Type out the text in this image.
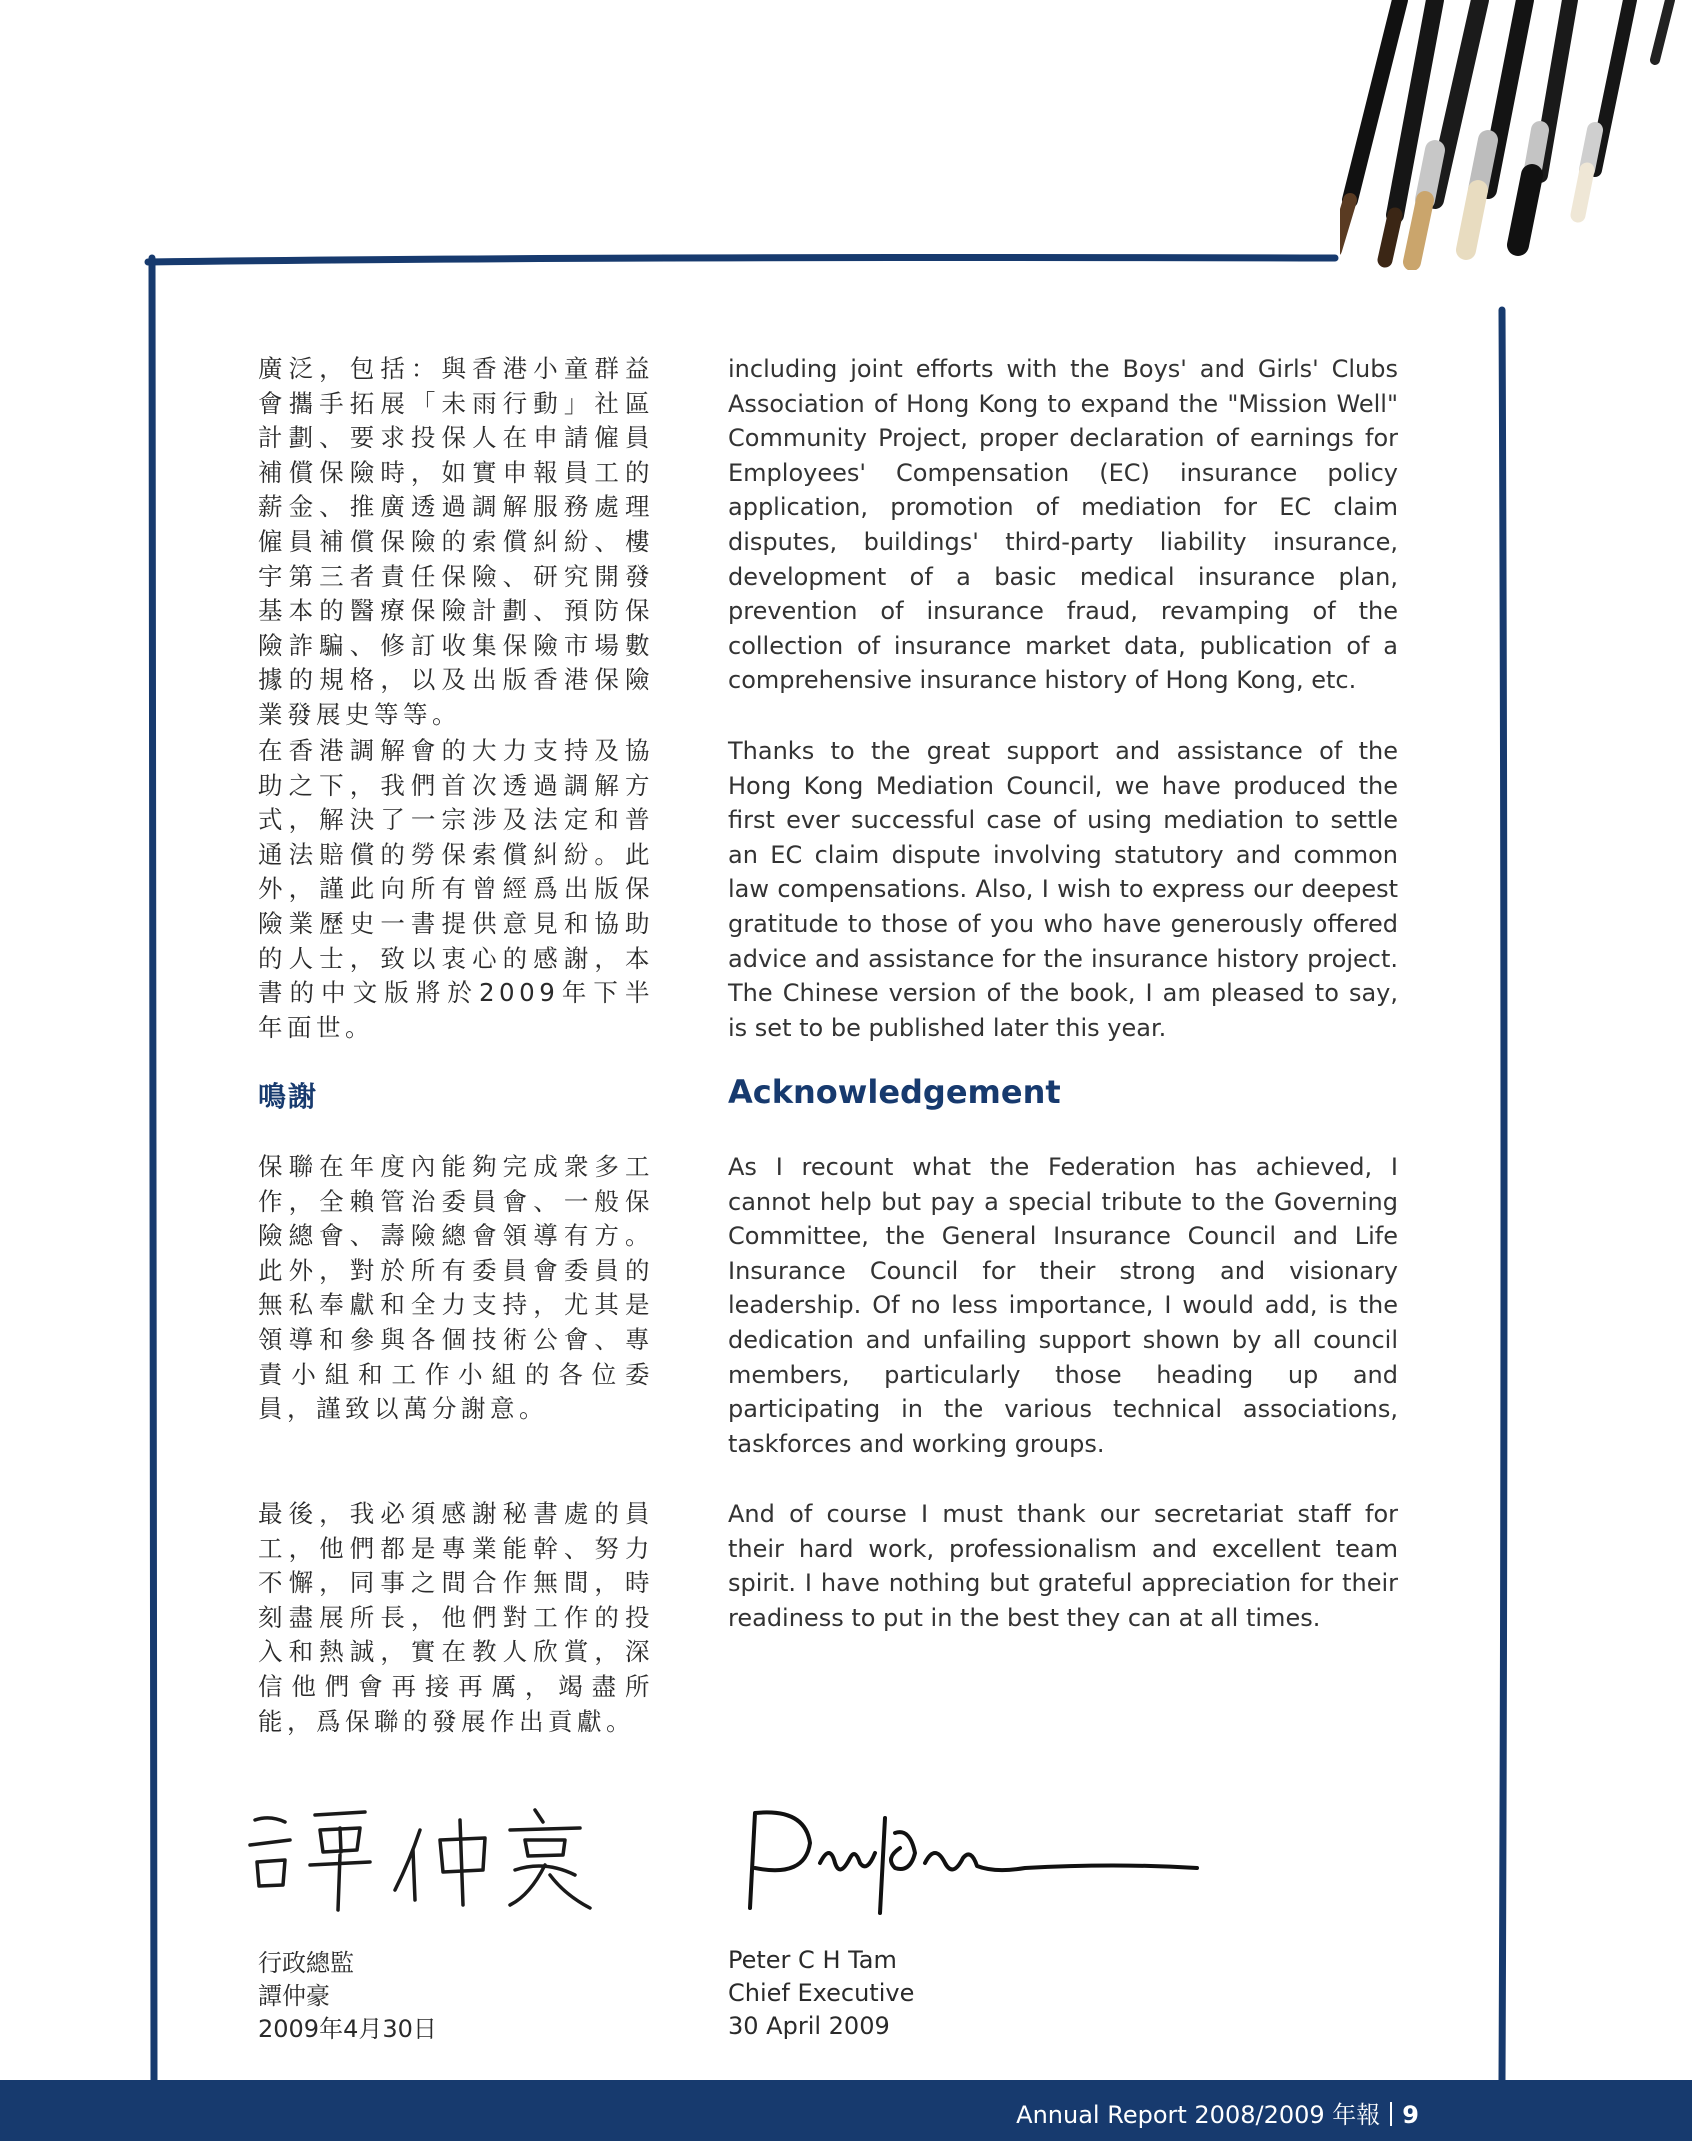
廣泛，包括：與香港小童群益會攜手拓展「未雨行動」社區計劃、要求投保人在申請僱員補償保險時，如實申報員工的薪金、推廣透過調解服務處理僱員補償保險的索償糾紛、樓宇第三者責任保險、研究開發基本的醫療保險計劃、預防保險詐騙、修訂收集保險市場數據的規格，以及出版香港保險業發展史等等。

在香港調解會的大力支持及協助之下，我們首次透過調解方式，解決了一宗涉及法定和普通法賠償的勞保索償糾紛。此外，謹此向所有曾經爲出版保險業歷史一書提供意見和協助的人士，致以衷心的感謝，本書的中文版將於2009年下半年面世。

鳴謝

保聯在年度內能夠完成衆多工作，全賴管治委員會、一般保險總會、壽險總會領導有方。此外，對於所有委員會委員的無私奉獻和全力支持，尤其是領導和參與各個技術公會、專責小組和工作小組的各位委員，謹致以萬分謝意。

最後，我必須感謝秘書處的員工，他們都是專業能幹、努力不懈，同事之間合作無間，時刻盡展所長，他們對工作的投入和熱誠，實在教人欣賞，深信他們會再接再厲，竭盡所能，爲保聯的發展作出貢獻。

including joint efforts with the Boys' and Girls' Clubs Association of Hong Kong to expand the "Mission Well" Community Project, proper declaration of earnings for Employees' Compensation (EC) insurance policy application, promotion of mediation for EC claim disputes, buildings' third-party liability insurance, development of a basic medical insurance plan, prevention of insurance fraud, revamping of the collection of insurance market data, publication of a comprehensive insurance history of Hong Kong, etc.

Thanks to the great support and assistance of the Hong Kong Mediation Council, we have produced the first ever successful case of using mediation to settle an EC claim dispute involving statutory and common law compensations. Also, I wish to express our deepest gratitude to those of you who have generously offered advice and assistance for the insurance history project. The Chinese version of the book, I am pleased to say, is set to be published later this year.

Acknowledgement

As I recount what the Federation has achieved, I cannot help but pay a special tribute to the Governing Committee, the General Insurance Council and Life Insurance Council for their strong and visionary leadership. Of no less importance, I would add, is the dedication and unfailing support shown by all council members, particularly those heading up and participating in the various technical associations, taskforces and working groups.

And of course I must thank our secretariat staff for their hard work, professionalism and excellent team spirit. I have nothing but grateful appreciation for their readiness to put in the best they can at all times.

行政總監
譚仲豪
2009年4月30日
Peter C H Tam
Chief Executive
30 April 2009
Annual Report 2008/2009 年報 9
